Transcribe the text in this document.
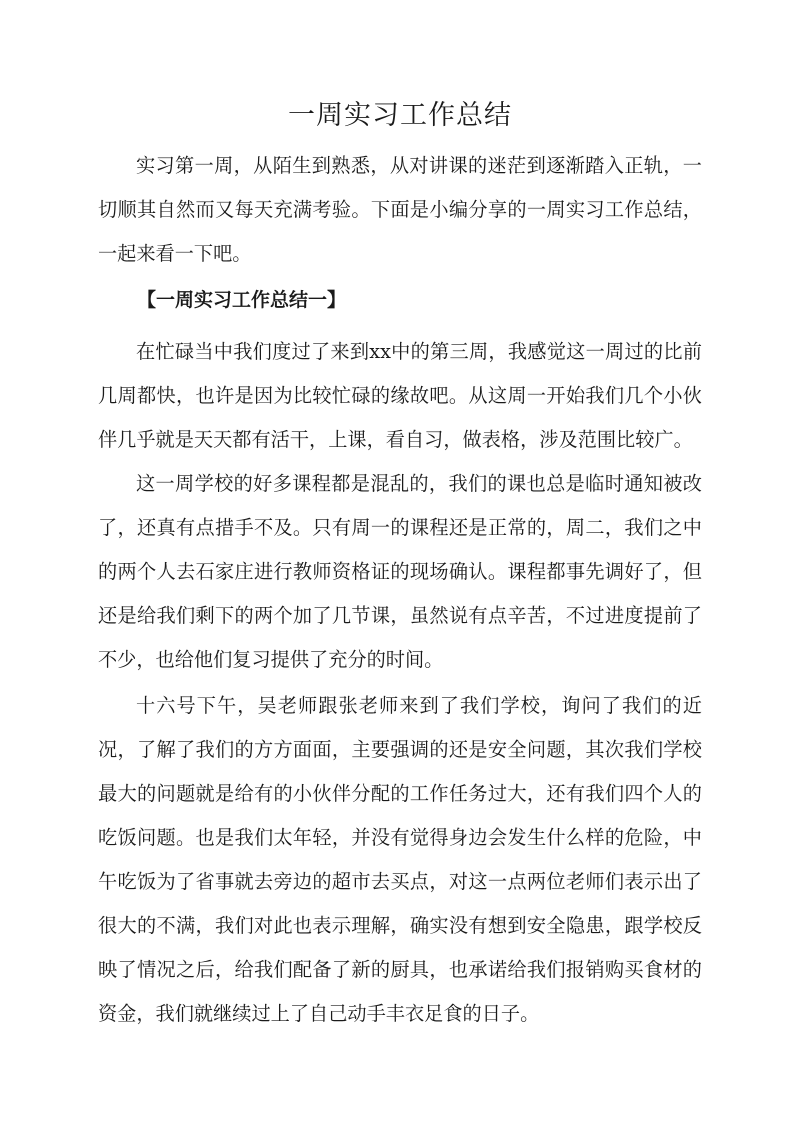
一周实习工作总结

实习第一周，从陌生到熟悉，从对讲课的迷茫到逐渐踏入正轨，一切顺其自然而又每天充满考验。下面是小编分享的一周实习工作总结，一起来看一下吧。

【一周实习工作总结一】

在忙碌当中我们度过了来到xx中的第三周，我感觉这一周过的比前几周都快，也许是因为比较忙碌的缘故吧。从这周一开始我们几个小伙伴几乎就是天天都有活干，上课，看自习，做表格，涉及范围比较广。

这一周学校的好多课程都是混乱的，我们的课也总是临时通知被改了，还真有点措手不及。只有周一的课程还是正常的，周二，我们之中的两个人去石家庄进行教师资格证的现场确认。课程都事先调好了，但还是给我们剩下的两个加了几节课，虽然说有点辛苦，不过进度提前了不少，也给他们复习提供了充分的时间。

十六号下午，吴老师跟张老师来到了我们学校，询问了我们的近况，了解了我们的方方面面，主要强调的还是安全问题，其次我们学校最大的问题就是给有的小伙伴分配的工作任务过大，还有我们四个人的吃饭问题。也是我们太年轻，并没有觉得身边会发生什么样的危险，中午吃饭为了省事就去旁边的超市去买点，对这一点两位老师们表示出了很大的不满，我们对此也表示理解，确实没有想到安全隐患，跟学校反映了情况之后，给我们配备了新的厨具，也承诺给我们报销购买食材的资金，我们就继续过上了自己动手丰衣足食的日子。
